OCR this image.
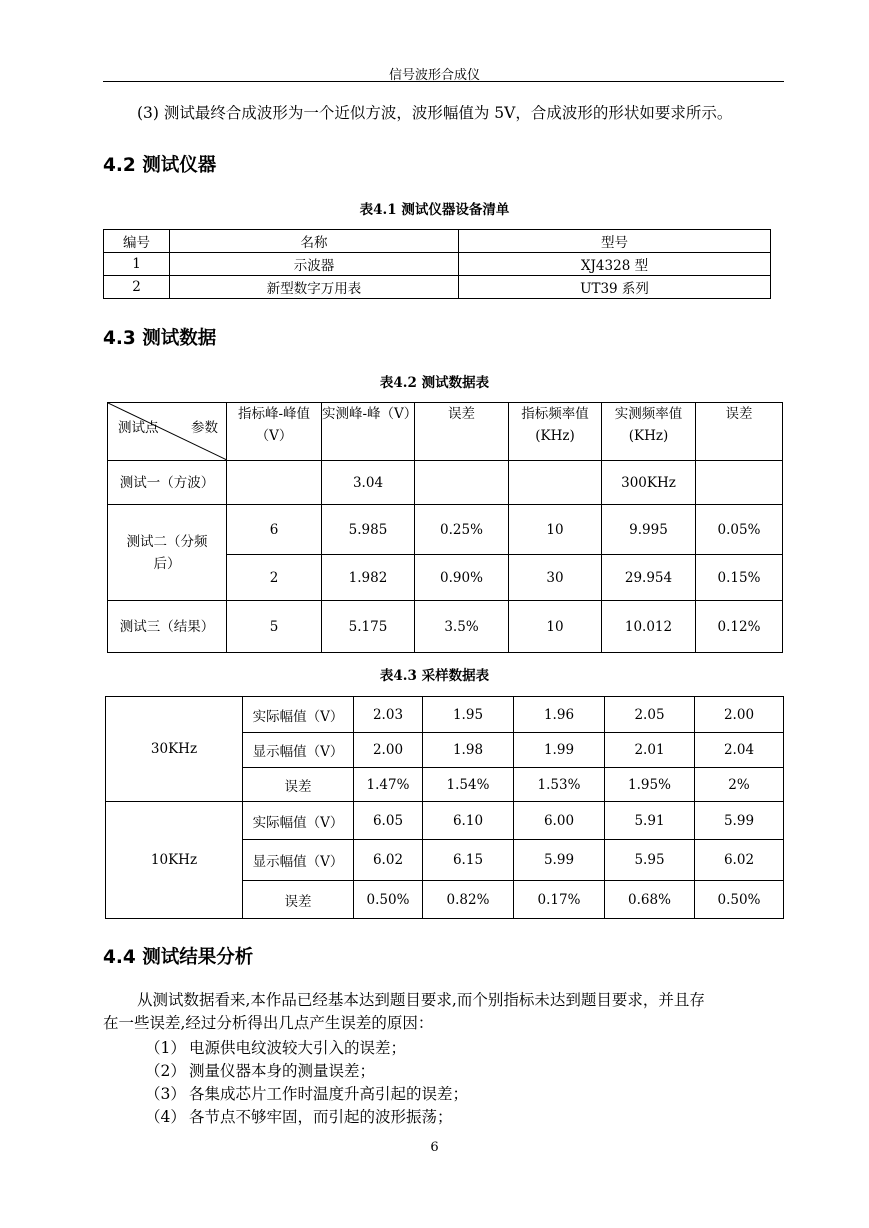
信号波形合成仪
(3) 测试最终合成波形为一个近似方波，波形幅值为 5V，合成波形的形状如要求所示。
4.2 测试仪器
表4.1 测试仪器设备清单
编号	名称	型号
1	示波器	XJ4328 型
2	新型数字万用表	UT39 系列
4.3 测试数据
表4.2 测试数据表
测试点 参数	指标峰-峰值（V）	实测峰-峰（V）	误差	指标频率值(KHz)	实测频率值(KHz)	误差
测试一（方波）		3.04			300KHz	
测试二（分频后）	6	5.985	0.25%	10	9.995	0.05%
	2	1.982	0.90%	30	29.954	0.15%
测试三（结果）	5	5.175	3.5%	10	10.012	0.12%
表4.3 采样数据表
30KHz	实际幅值（V）	2.03	1.95	1.96	2.05	2.00
	显示幅值（V）	2.00	1.98	1.99	2.01	2.04
	误差	1.47%	1.54%	1.53%	1.95%	2%
10KHz	实际幅值（V）	6.05	6.10	6.00	5.91	5.99
	显示幅值（V）	6.02	6.15	5.99	5.95	6.02
	误差	0.50%	0.82%	0.17%	0.68%	0.50%
4.4 测试结果分析
从测试数据看来,本作品已经基本达到题目要求,而个别指标未达到题目要求，并且存
在一些误差,经过分析得出几点产生误差的原因：
（1） 电源供电纹波较大引入的误差；
（2） 测量仪器本身的测量误差；
（3） 各集成芯片工作时温度升高引起的误差；
（4） 各节点不够牢固，而引起的波形振荡；
6
